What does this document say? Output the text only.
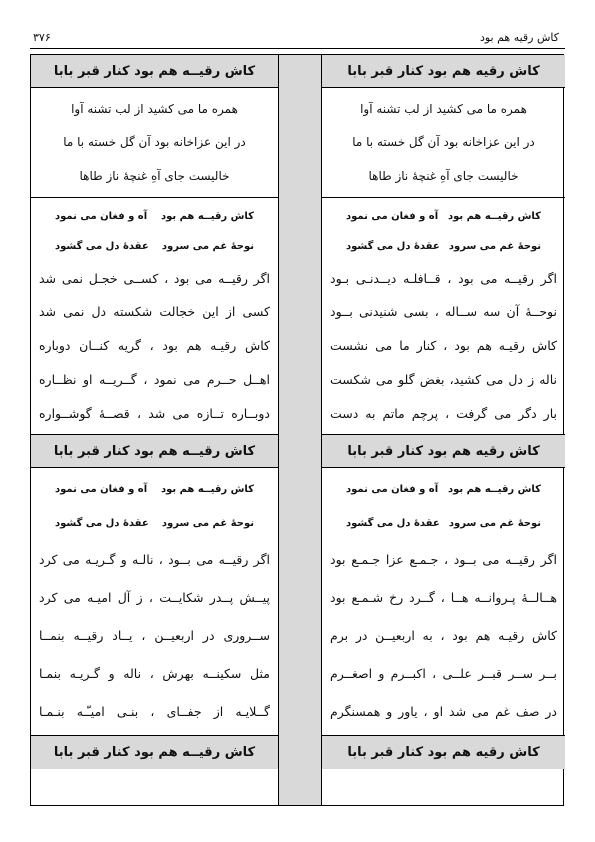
کاش رقیه هم بود
۳۷۶
کاش رقیــه هم بود کنار قبر بابا
همره ما می کشید از لب تشنه آوا
در این عزاخانه بود آن گل خسته با ما
خالیست جای آهِ غنچهٔ ناز طاها
کاش رقیــه هم بود
آه و فغان می نمود
نوحهٔ غم می سرود
عقدهٔ دل می گشود
اگر رقیــه می بود ، کســی خجـل نمی شد
کسی از این خجالت شکسته دل نمی شد
کاش رقیـه هم بود ، گریه کنــان دوباره
اهــل حــرم می نمود ، گــریــه او نظــاره
دوبــاره تــازه می شد ، قصــهٔ گوشــواره
کاش رقیــه هم بود کنار قبر بابا
کاش رقیــه هم بود
آه و فغان می نمود
نوحهٔ غم می سرود
عقدهٔ دل می گشود
اگر رقیــه می بــود ، نالـه و گـریـه می کرد
پیــش پــدر شکایــت ، ز آل امیـه می کرد
ســروری در اربعیــن ، یــاد رقیــه بنمــا
مثل سکینــه بهرش ، ناله و گـریـه بنمـا
گــلایـه از جفــای ، بنـی امیـّـه بنـمـا
کاش رقیــه هم بود کنار قبر بابا
کاش رقیه هم بود کنار قبر بابا
همره ما می کشید از لب تشنه آوا
در این عزاخانه بود آن گل خسته با ما
خالیست جای آهِ غنچهٔ ناز طاها
کاش رقیــه هم بود
آه و فغان می نمود
نوحهٔ غم می سرود
عقدهٔ دل می گشود
اگر رقیــه می بود ، قــافلـه دیــدنـی بـود
نوحــهٔ آن سه ســاله ، بسی شنیدنی بــود
کاش رقیـه هم بود ، کنار ما می نشست
ناله ز دل می کشید، بغض گلو می شکست
بار دگر می گرفت ، پرچم ماتم به دست
کاش رقیه هم بود کنار قبر بابا
کاش رقیــه هم بود
آه و فغان می نمود
نوحهٔ غم می سرود
عقدهٔ دل می گشود
اگر رقیــه می بــود ، جـمـع عزا جـمـع بود
هــالــهٔ پـروانــه هــا ، گــرد رخ شـمـع بود
کاش رقیـه هم بود ، به اربعیــن در برم
بــر ســر قبــر علــی ، اکبــرم و اصغــرم
در صف غم می شد او ، یاور و همسنگرم
کاش رقیه هم بود کنار قبر بابا
